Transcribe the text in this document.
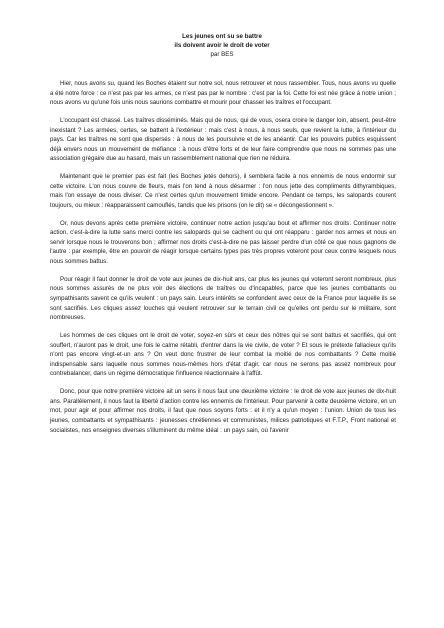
Les jeunes ont su se battre
ils doivent avoir le droit de voter
par BES

Hier, nous avons su, quand les Boches étaient sur notre sol, nous retrouver et nous rassembler. Tous, nous avons vu quelle a été notre force : ce n'est pas par les armes, ce n'est pas par le nombre : c'est par la foi. Cette foi est née grâce à notre union ; nous avons vu qu'une fois unis nous saurions combattre et mourir pour chasser les traîtres et l'occupant.

L'occupant est chassé. Les traîtres disséminés. Mais qui de nous, qui de vous, osera croire le danger loin, absent, peut-être inexistant ? Les armées, certes, se battent à l'extérieur : mais c'est à nous, à nous seuls, que revient la lutte, à l'intérieur du pays. Car les traîtres ne sont que dispersés : à nous de les poursuivre et de les anéantir. Car les pouvoirs publics esquissent déjà envers nous un mouvement de méfiance : à nous d'être forts et de leur faire comprendre que nous ne sommes pas une association grégaire due au hasard, mais un rassemblement national que rien ne réduira.

Maintenant que le premier pas est fait (les Boches jetés dehors), il semblera facile à nos ennemis de nous endormir sur cette victoire. L'on nous couvre de fleurs, mais l'on tend à nous désarmer : l'on nous jette des compliments dithyrambiques, mais l'on essaye de nous diviser. Ce n'est certes qu'un mouvement timide encore. Pendant ce temps, les salopards courent toujours, ou mieux : réapparaissent camouflés, tandis que les prisons (on le dit) se « décongestionnent ».

Or, nous devons après cette première victoire, continuer notre action jusqu'au bout et affirmer nos droits. Continuer notre action, c'est-à-dire la lutte sans merci contre les salopards qui se cachent ou qui ont réapparu : garder nos armes et nous en servir lorsque nous le trouverons bon ; affirmer nos droits c'est-à-dire ne pas laisser perdre d'un côté ce que nous gagnons de l'autre : par exemple, être en pouvoir de réagir lorsque certains types pas très propres voteront pour ceux contre lesquels nous nous sommes battus.

Pour réagir il faut donner le droit de vote aux jeunes de dix-huit ans, car plus les jeunes qui voteront seront nombreux, plus nous sommes assurés de ne plus voir des élections de traîtres ou d'incapables, parce que les jeunes combattants ou sympathisants savent ce qu'ils veulent : un pays sain. Leurs intérêts se confondent avec ceux de la France pour laquelle ils se sont sacrifiés. Les cliques assez louches qui veulent retrouver sur le terrain civil ce qu'elles ont perdu sur le militaire, sont nombreuses.

Les hommes de ces cliques ont le droit de voter, soyez-en sûrs et ceux des nôtres qui se sont battus et sacrifiés, qui ont souffert, n'auront pas le droit, une fois le calme rétabli, d'entrer dans la vie civile, de voter ? Et sous le prétexte fallacieux qu'ils n'ont pas encore vingt-et-un ans ? On veut donc frustrer de leur combat la moitié de nos combattants ? Cette moitié indispensable sans laquelle nous sommes nous-mêmes hors d'état d'agir, car nous ne serons pas assez nombreux pour contrebalancer, dans un régime démocratique l'influence réactionnaire à l'affût.

Donc, pour que notre première victoire ait un sens il nous faut une deuxième victoire : le droit de vote aux jeunes de dix-huit ans. Parallèlement, il nous faut la liberté d'action contre les ennemis de l'intérieur. Pour parvenir à cette deuxième victoire, en un mot, pour agir et pour affirmer nos droits, il faut que nous soyons forts : et il n'y a qu'un moyen : l'union. Union de tous les jeunes, combattants et sympathisants : jeunesses chrétiennes et communistes, milices patriotiques et F.T.P., Front national et socialistes, nos enseignes diverses s'illuminent du même idéal : un pays sain, où l'avenir
